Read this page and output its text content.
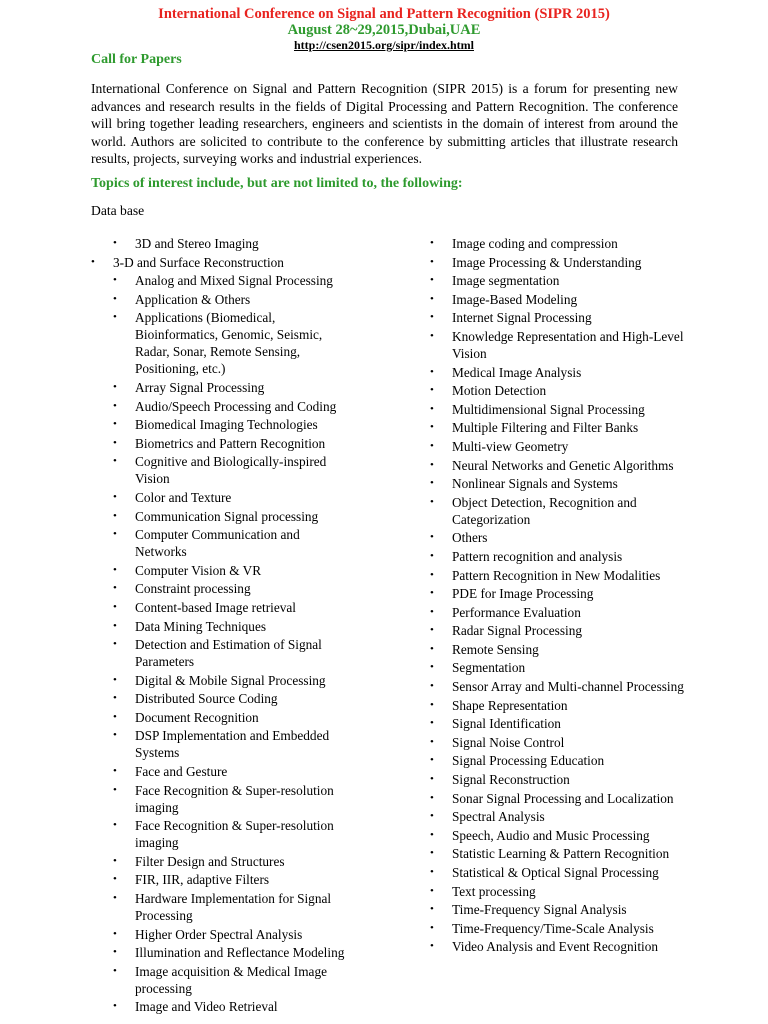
International Conference on Signal and Pattern Recognition (SIPR 2015)
August 28~29,2015,Dubai,UAE
http://csen2015.org/sipr/index.html
Call for Papers
International Conference on Signal and Pattern Recognition (SIPR 2015) is a forum for presenting new advances and research results in the fields of Digital Processing and Pattern Recognition. The conference will bring together leading researchers, engineers and scientists in the domain of interest from around the world. Authors are solicited to contribute to the conference by submitting articles that illustrate research results, projects, surveying works and industrial experiences.
Topics of interest include, but are not limited to, the following:
Data base
• 3D and Stereo Imaging
• 3-D and Surface Reconstruction
• Analog and Mixed Signal Processing
• Application & Others
• Applications (Biomedical, Bioinformatics, Genomic, Seismic, Radar, Sonar, Remote Sensing, Positioning, etc.)
• Array Signal Processing
• Audio/Speech Processing and Coding
• Biomedical Imaging Technologies
• Biometrics and Pattern Recognition
• Cognitive and Biologically-inspired Vision
• Color and Texture
• Communication Signal processing
• Computer Communication and Networks
• Computer Vision & VR
• Constraint processing
• Content-based Image retrieval
• Data Mining Techniques
• Detection and Estimation of Signal Parameters
• Digital & Mobile Signal Processing
• Distributed Source Coding
• Document Recognition
• DSP Implementation and Embedded Systems
• Face and Gesture
• Face Recognition & Super-resolution imaging
• Face Recognition & Super-resolution imaging
• Filter Design and Structures
• FIR, IIR, adaptive Filters
• Hardware Implementation for Signal Processing
• Higher Order Spectral Analysis
• Illumination and Reflectance Modeling
• Image acquisition & Medical Image processing
• Image and Video Retrieval
• Image coding and compression
• Image Processing & Understanding
• Image segmentation
• Image-Based Modeling
• Internet Signal Processing
• Knowledge Representation and High-Level Vision
• Medical Image Analysis
• Motion Detection
• Multidimensional Signal Processing
• Multiple Filtering and Filter Banks
• Multi-view Geometry
• Neural Networks and Genetic Algorithms
• Nonlinear Signals and Systems
• Object Detection, Recognition and Categorization
• Others
• Pattern recognition and analysis
• Pattern Recognition in New Modalities
• PDE for Image Processing
• Performance Evaluation
• Radar Signal Processing
• Remote Sensing
• Segmentation
• Sensor Array and Multi-channel Processing
• Shape Representation
• Signal Identification
• Signal Noise Control
• Signal Processing Education
• Signal Reconstruction
• Sonar Signal Processing and Localization
• Spectral Analysis
• Speech, Audio and Music Processing
• Statistic Learning & Pattern Recognition
• Statistical & Optical Signal Processing
• Text processing
• Time-Frequency Signal Analysis
• Time-Frequency/Time-Scale Analysis
• Video Analysis and Event Recognition
